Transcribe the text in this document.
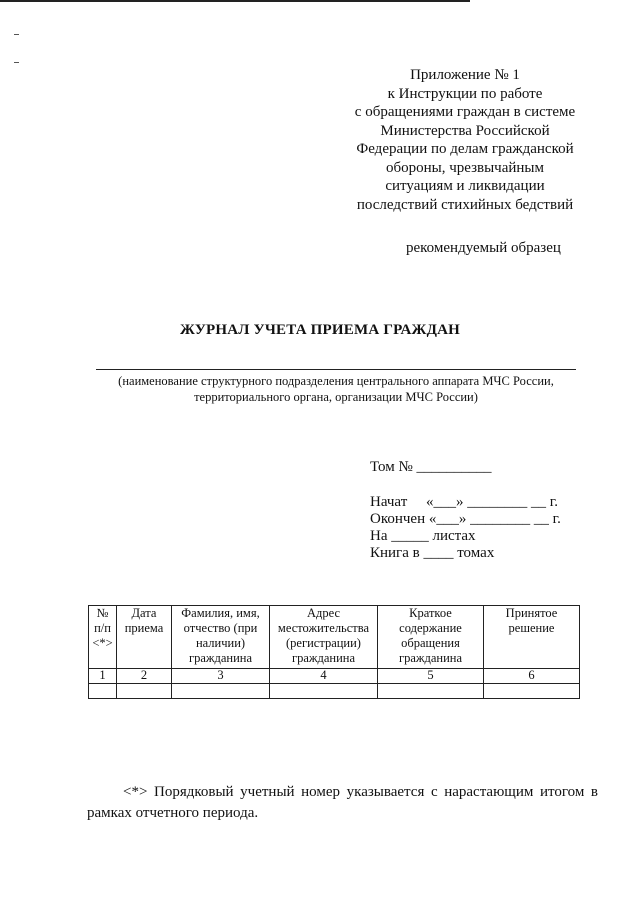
Приложение № 1
к Инструкции по работе
с обращениями граждан в системе
Министерства Российской
Федерации по делам гражданской
обороны, чрезвычайным
ситуациям и ликвидации
последствий стихийных бедствий
рекомендуемый образец
ЖУРНАЛ УЧЕТА ПРИЕМА ГРАЖДАН
(наименование структурного подразделения центрального аппарата МЧС России,
территориального органа, организации МЧС России)
Том № __________
Начат     «___» ________ __ г.
Окончен «___» ________ __ г.
На _____ листах
Книга в ____ томах
№ п/п <*>	Дата приема	Фамилия, имя, отчество (при наличии) гражданина	Адрес местожительства (регистрации) гражданина	Краткое содержание обращения гражданина	Принятое решение
1	2	3	4	5	6

<*> Порядковый учетный номер указывается с нарастающим итогом в рамках отчетного периода.
